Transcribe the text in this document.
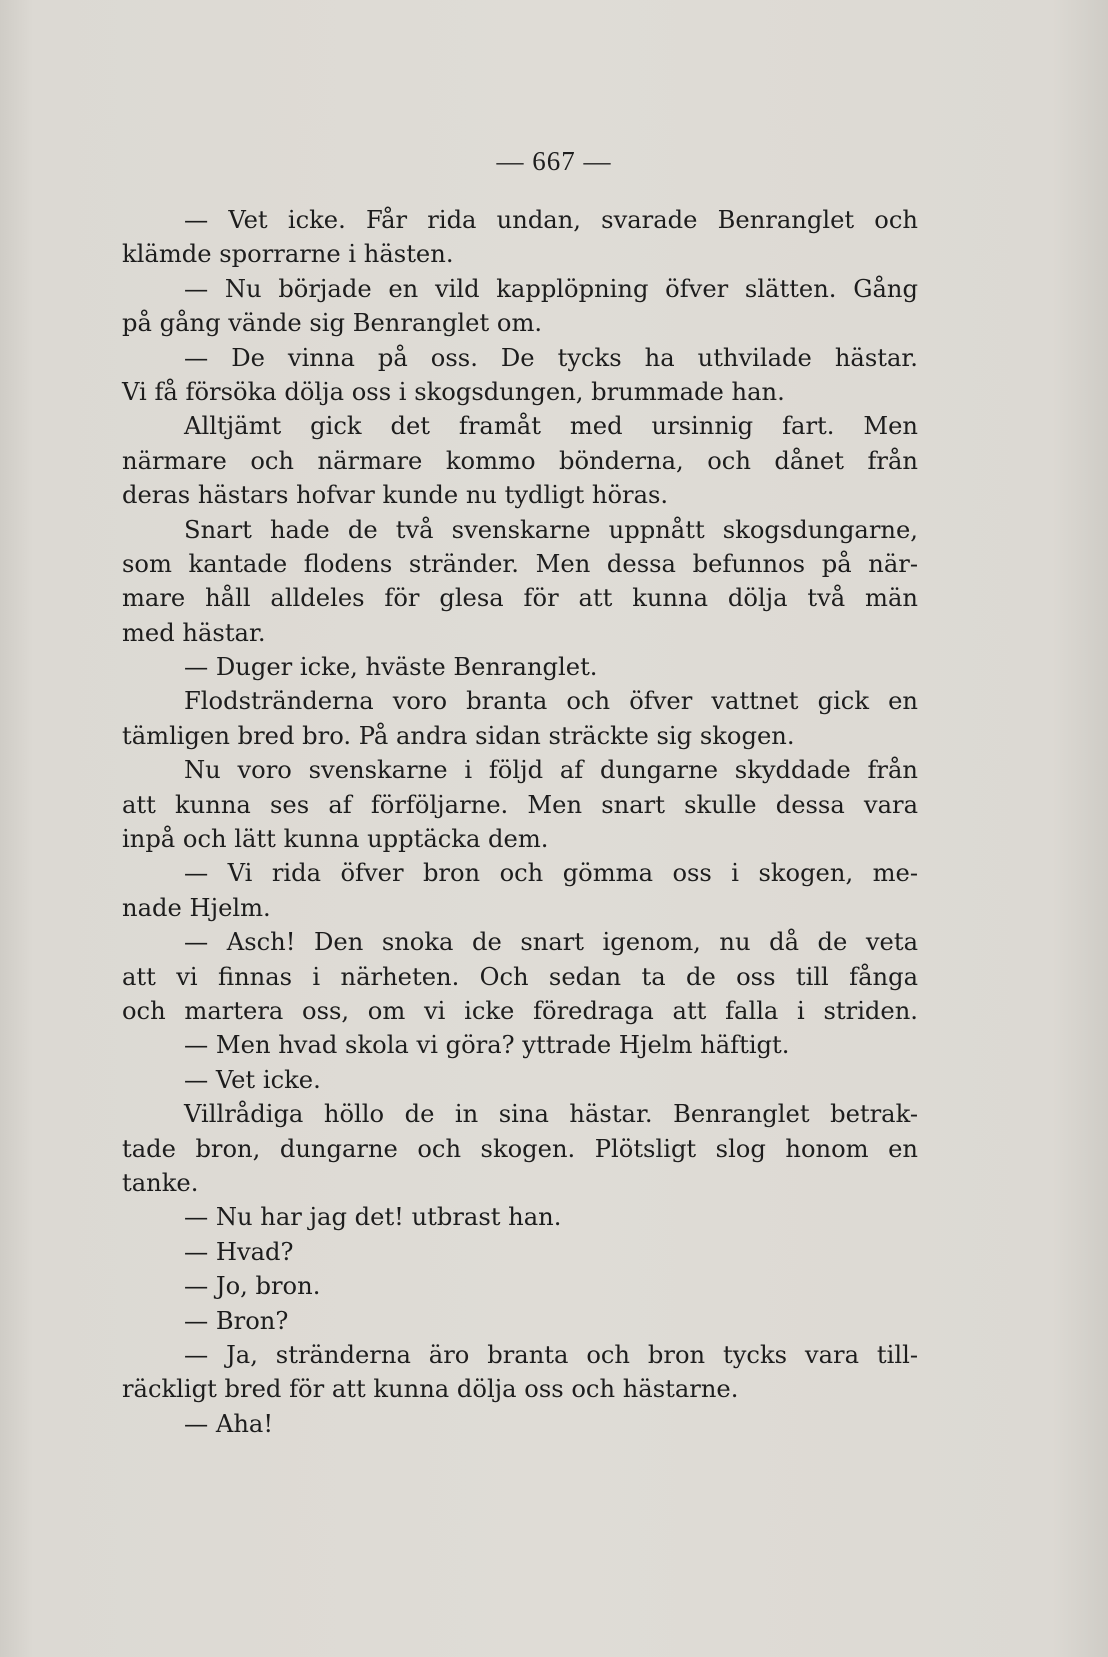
— 667 —
— Vet icke. Får rida undan, svarade Benranglet och
klämde sporrarne i hästen.
— Nu började en vild kapplöpning öfver slätten. Gång
på gång vände sig Benranglet om.
— De vinna på oss. De tycks ha uthvilade hästar.
Vi få försöka dölja oss i skogsdungen, brummade han.
Alltjämt gick det framåt med ursinnig fart. Men
närmare och närmare kommo bönderna, och dånet från
deras hästars hofvar kunde nu tydligt höras.
Snart hade de två svenskarne uppnått skogsdungarne,
som kantade flodens stränder. Men dessa befunnos på när-
mare håll alldeles för glesa för att kunna dölja två män
med hästar.
— Duger icke, hväste Benranglet.
Flodstränderna voro branta och öfver vattnet gick en
tämligen bred bro. På andra sidan sträckte sig skogen.
Nu voro svenskarne i följd af dungarne skyddade från
att kunna ses af förföljarne. Men snart skulle dessa vara
inpå och lätt kunna upptäcka dem.
— Vi rida öfver bron och gömma oss i skogen, me-
nade Hjelm.
— Asch! Den snoka de snart igenom, nu då de veta
att vi finnas i närheten. Och sedan ta de oss till fånga
och martera oss, om vi icke föredraga att falla i striden.
— Men hvad skola vi göra? yttrade Hjelm häftigt.
— Vet icke.
Villrådiga höllo de in sina hästar. Benranglet betrak-
tade bron, dungarne och skogen. Plötsligt slog honom en
tanke.
— Nu har jag det! utbrast han.
— Hvad?
— Jo, bron.
— Bron?
— Ja, stränderna äro branta och bron tycks vara till-
räckligt bred för att kunna dölja oss och hästarne.
— Aha!
